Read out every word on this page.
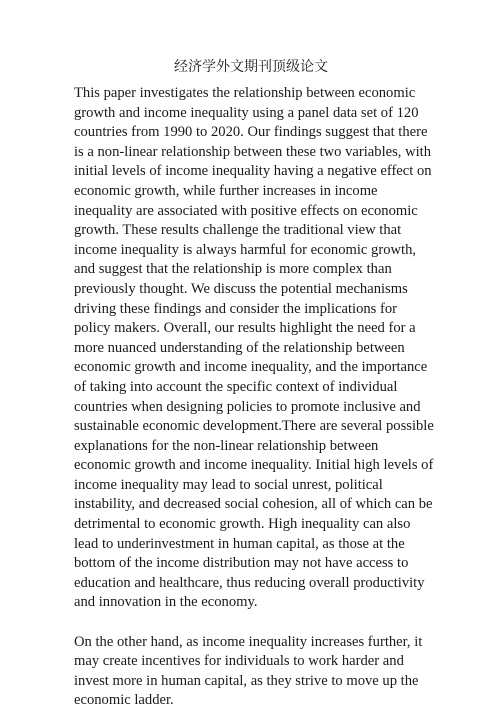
经济学外文期刊顶级论文

This paper investigates the relationship between economic growth and income inequality using a panel data set of 120 countries from 1990 to 2020. Our findings suggest that there is a non-linear relationship between these two variables, with initial levels of income inequality having a negative effect on economic growth, while further increases in income inequality are associated with positive effects on economic growth. These results challenge the traditional view that income inequality is always harmful for economic growth, and suggest that the relationship is more complex than previously thought. We discuss the potential mechanisms driving these findings and consider the implications for policy makers. Overall, our results highlight the need for a more nuanced understanding of the relationship between economic growth and income inequality, and the importance of taking into account the specific context of individual countries when designing policies to promote inclusive and sustainable economic development.There are several possible explanations for the non-linear relationship between economic growth and income inequality. Initial high levels of income inequality may lead to social unrest, political instability, and decreased social cohesion, all of which can be detrimental to economic growth. High inequality can also lead to underinvestment in human capital, as those at the bottom of the income distribution may not have access to education and healthcare, thus reducing overall productivity and innovation in the economy.

On the other hand, as income inequality increases further, it may create incentives for individuals to work harder and invest more in human capital, as they strive to move up the economic ladder.
